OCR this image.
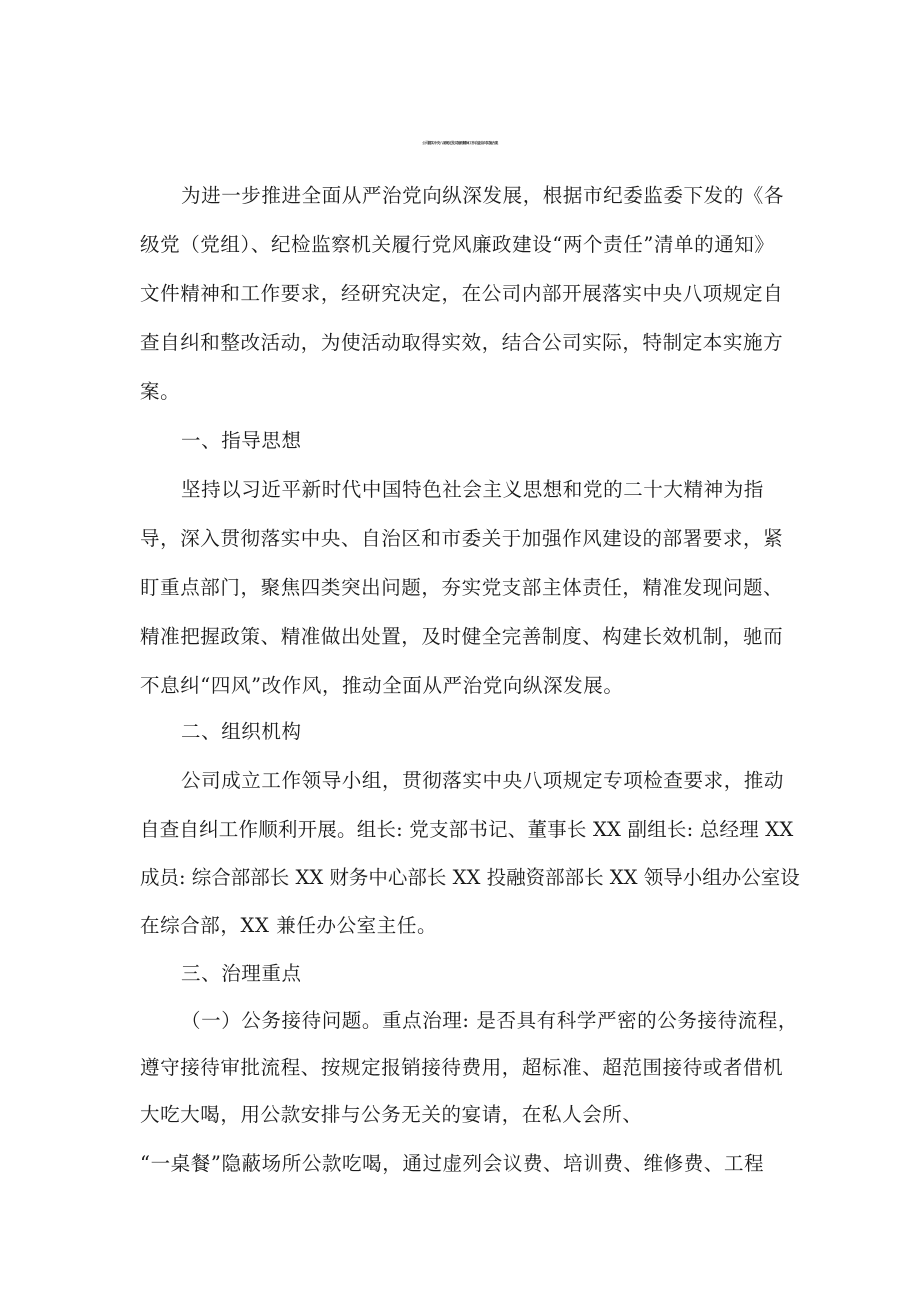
公司落实中央八项规定及实施则精神工作自查自纠实施方案
为进一步推进全面从严治党向纵深发展，根据市纪委监委下发的《各
级党（党组）、纪检监察机关履行党风廉政建设“两个责任”清单的通知》
文件精神和工作要求，经研究决定，在公司内部开展落实中央八项规定自
查自纠和整改活动，为使活动取得实效，结合公司实际，特制定本实施方
案。
一、指导思想
坚持以习近平新时代中国特色社会主义思想和党的二十大精神为指
导，深入贯彻落实中央、自治区和市委关于加强作风建设的部署要求，紧
盯重点部门，聚焦四类突出问题，夯实党支部主体责任，精准发现问题、
精准把握政策、精准做出处置，及时健全完善制度、构建长效机制，驰而
不息纠“四风”改作风，推动全面从严治党向纵深发展。
二、组织机构
公司成立工作领导小组，贯彻落实中央八项规定专项检查要求，推动
自查自纠工作顺利开展。组长: 党支部书记、董事长 XX 副组长: 总经理 XX
成员: 综合部部长 XX 财务中心部长 XX 投融资部部长 XX 领导小组办公室设
在综合部，XX 兼任办公室主任。
三、治理重点
（一）公务接待问题。重点治理: 是否具有科学严密的公务接待流程，
遵守接待审批流程、按规定报销接待费用，超标准、超范围接待或者借机
大吃大喝，用公款安排与公务无关的宴请，在私人会所、
“一桌餐”隐蔽场所公款吃喝，通过虚列会议费、培训费、维修费、工程
